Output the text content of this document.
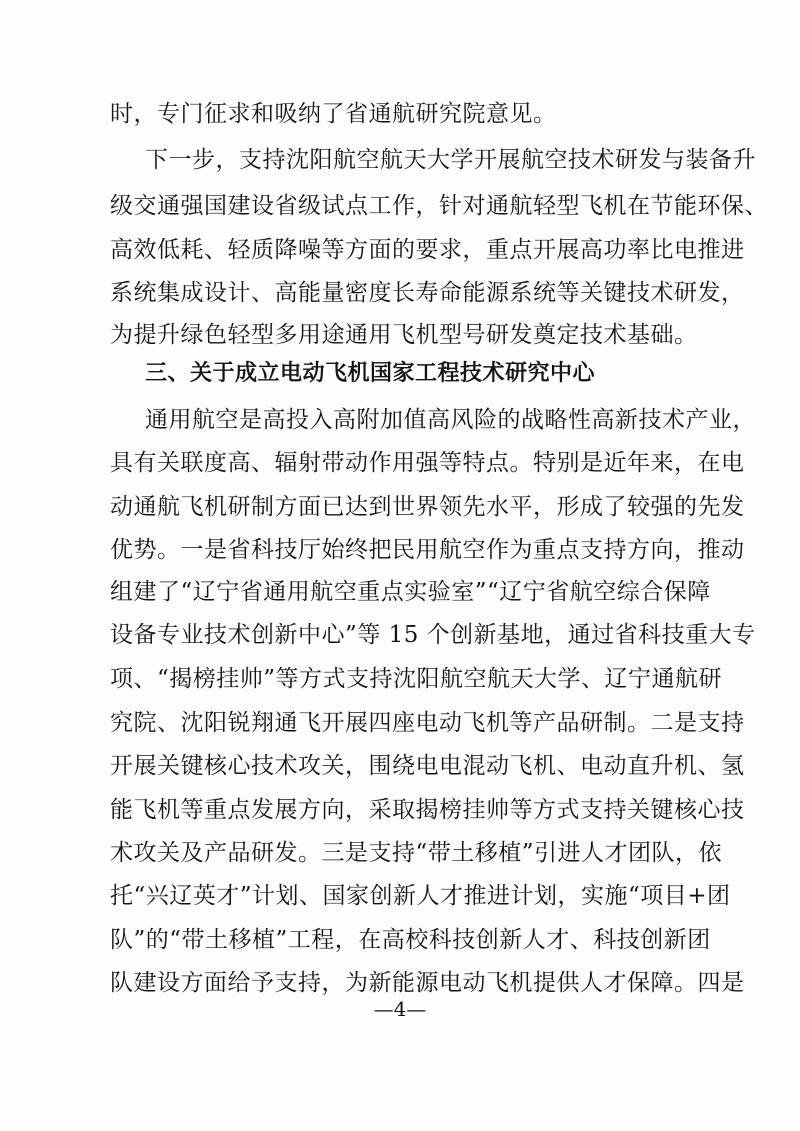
时，专门征求和吸纳了省通航研究院意见。
下一步，支持沈阳航空航天大学开展航空技术研发与装备升
级交通强国建设省级试点工作，针对通航轻型飞机在节能环保、
高效低耗、轻质降噪等方面的要求，重点开展高功率比电推进
系统集成设计、高能量密度长寿命能源系统等关键技术研发，
为提升绿色轻型多用途通用飞机型号研发奠定技术基础。
三、关于成立电动飞机国家工程技术研究中心
通用航空是高投入高附加值高风险的战略性高新技术产业，
具有关联度高、辐射带动作用强等特点。特别是近年来，在电
动通航飞机研制方面已达到世界领先水平，形成了较强的先发
优势。一是省科技厅始终把民用航空作为重点支持方向，推动
组建了“辽宁省通用航空重点实验室”“辽宁省航空综合保障
设备专业技术创新中心”等 15 个创新基地，通过省科技重大专
项、“揭榜挂帅”等方式支持沈阳航空航天大学、辽宁通航研
究院、沈阳锐翔通飞开展四座电动飞机等产品研制。二是支持
开展关键核心技术攻关，围绕电电混动飞机、电动直升机、氢
能飞机等重点发展方向，采取揭榜挂帅等方式支持关键核心技
术攻关及产品研发。三是支持“带土移植”引进人才团队，依
托“兴辽英才”计划、国家创新人才推进计划，实施“项目+团
队”的“带土移植”工程，在高校科技创新人才、科技创新团
队建设方面给予支持，为新能源电动飞机提供人才保障。四是
—4—
